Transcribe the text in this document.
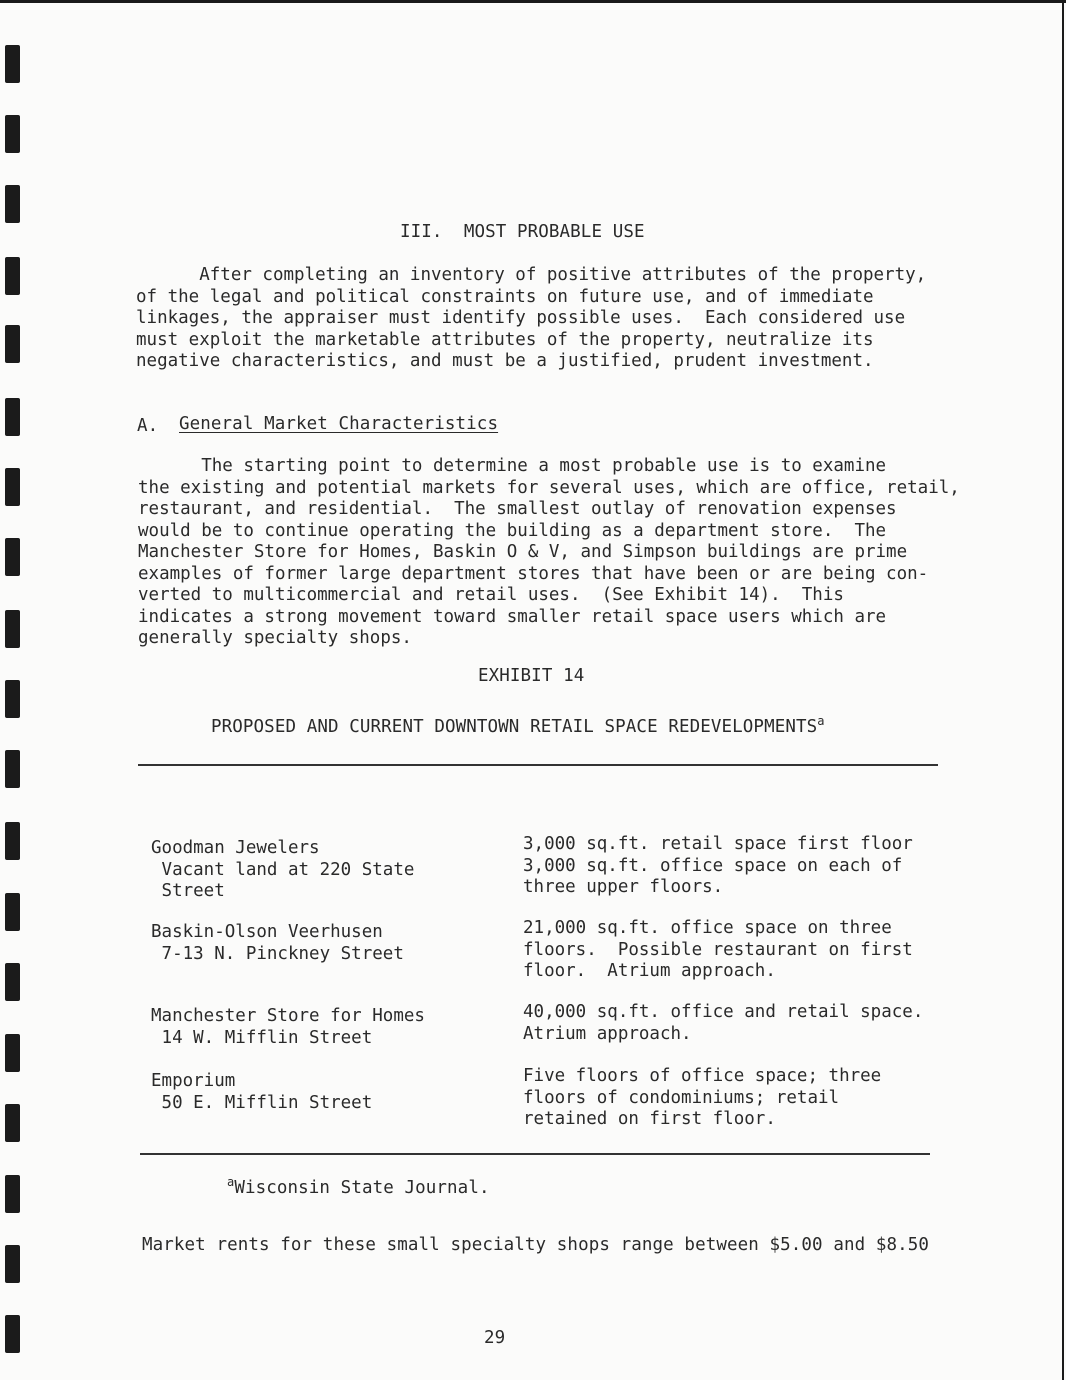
III.  MOST PROBABLE USE

After completing an inventory of positive attributes of the property,
of the legal and political constraints on future use, and of immediate
linkages, the appraiser must identify possible uses.  Each considered use
must exploit the marketable attributes of the property, neutralize its
negative characteristics, and must be a justified, prudent investment.

A. General Market Characteristics

The starting point to determine a most probable use is to examine
the existing and potential markets for several uses, which are office, retail,
restaurant, and residential.  The smallest outlay of renovation expenses
would be to continue operating the building as a department store.  The
Manchester Store for Homes, Baskin O & V, and Simpson buildings are prime
examples of former large department stores that have been or are being con-
verted to multicommercial and retail uses.  (See Exhibit 14).  This
indicates a strong movement toward smaller retail space users which are
generally specialty shops.

EXHIBIT 14

PROPOSED AND CURRENT DOWNTOWN RETAIL SPACE REDEVELOPMENTS$^a$

Goodman Jewelers
Vacant land at 220 State
Street
3,000 sq.ft. retail space first floor
3,000 sq.ft. office space on each of
three upper floors.
Baskin-Olson Veerhusen
7-13 N. Pinckney Street
21,000 sq.ft. office space on three
floors.  Possible restaurant on first
floor.  Atrium approach.
Manchester Store for Homes
14 W. Mifflin Street
40,000 sq.ft. office and retail space.
Atrium approach.
Emporium
50 E. Mifflin Street
Five floors of office space; three
floors of condominiums; retail
retained on first floor.

$^a$Wisconsin State Journal.

Market rents for these small specialty shops range between $5.00 and $8.50

29
